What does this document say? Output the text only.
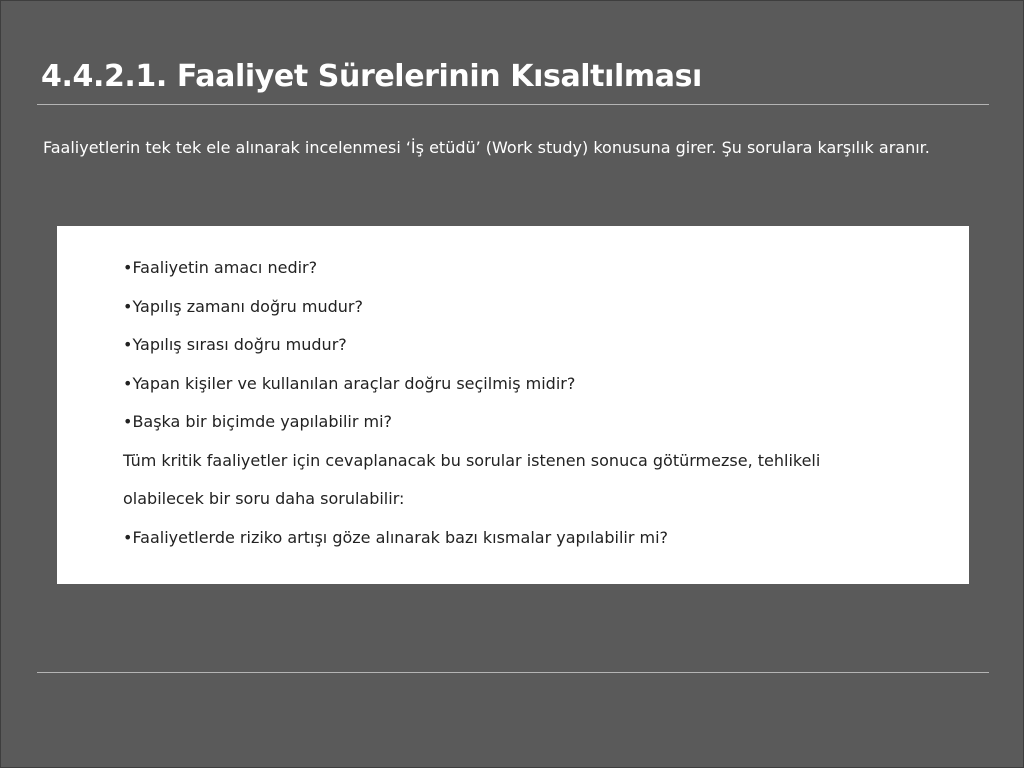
4.4.2.1. Faaliyet Sürelerinin Kısaltılması

Faaliyetlerin tek tek ele alınarak incelenmesi ‘İş etüdü’ (Work study) konusuna girer. Şu sorulara karşılık aranır.

•Faaliyetin amacı nedir?
•Yapılış zamanı doğru mudur?
•Yapılış sırası doğru mudur?
•Yapan kişiler ve kullanılan araçlar doğru seçilmiş midir?
•Başka bir biçimde yapılabilir mi?
Tüm kritik faaliyetler için cevaplanacak bu sorular istenen sonuca götürmezse, tehlikeli
olabilecek bir soru daha sorulabilir:
•Faaliyetlerde riziko artışı göze alınarak bazı kısmalar yapılabilir mi?
